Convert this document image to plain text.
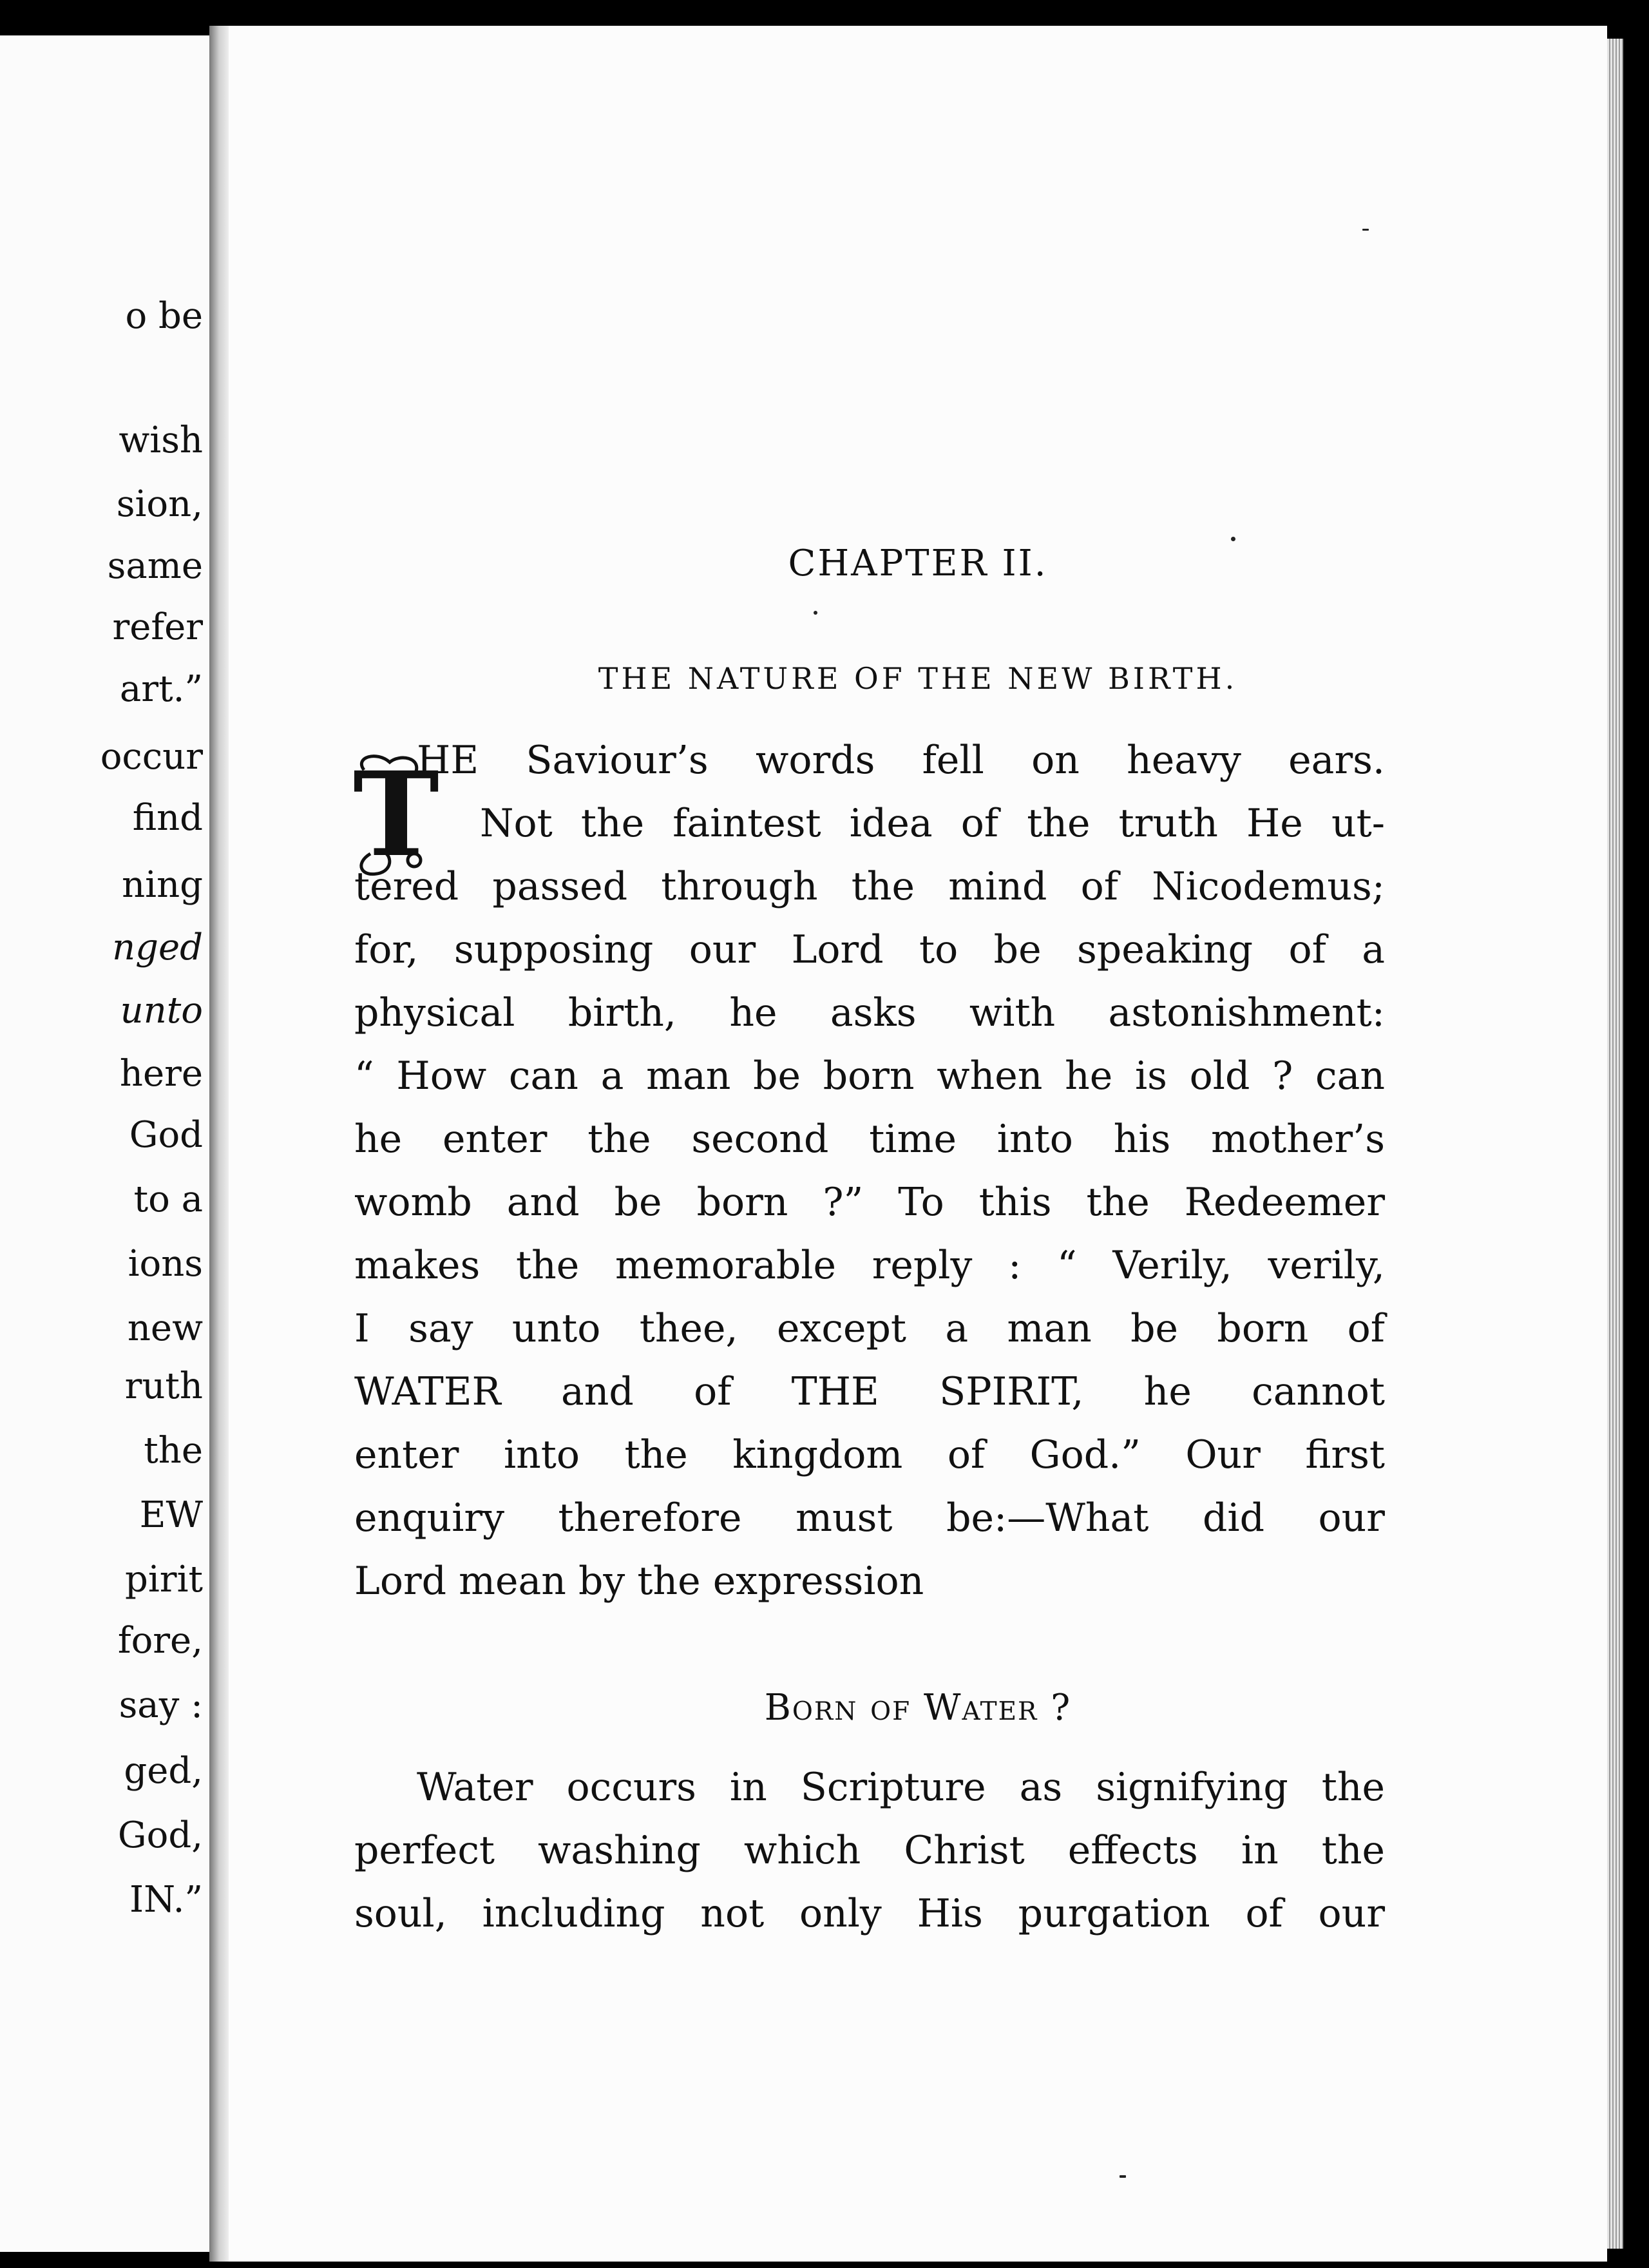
o be
wish
sion,
same
refer
art.”
occur
find
ning
nged
unto
here
God
to a
ions
new
ruth
the
EW
pirit
fore,
say :
ged,
God,
IN.”
CHAPTER II.
THE NATURE OF THE NEW BIRTH.
T
HE Saviour’s words fell on heavy ears.
Not the faintest idea of the truth He ut-
tered passed through the mind of Nicodemus;
for, supposing our Lord to be speaking of a
physical birth, he asks with astonishment:
“ How can a man be born when he is old ? can
he enter the second time into his mother’s
womb and be born ?” To this the Redeemer
makes the memorable reply : “ Verily, verily,
I say unto thee, except a man be born of
WATER and of THE SPIRIT, he cannot
enter into the kingdom of God.” Our first
enquiry therefore must be:—What did our
Lord mean by the expression
Born of Water ?
Water occurs in Scripture as signifying the
perfect washing which Christ effects in the
soul, including not only His purgation of our
